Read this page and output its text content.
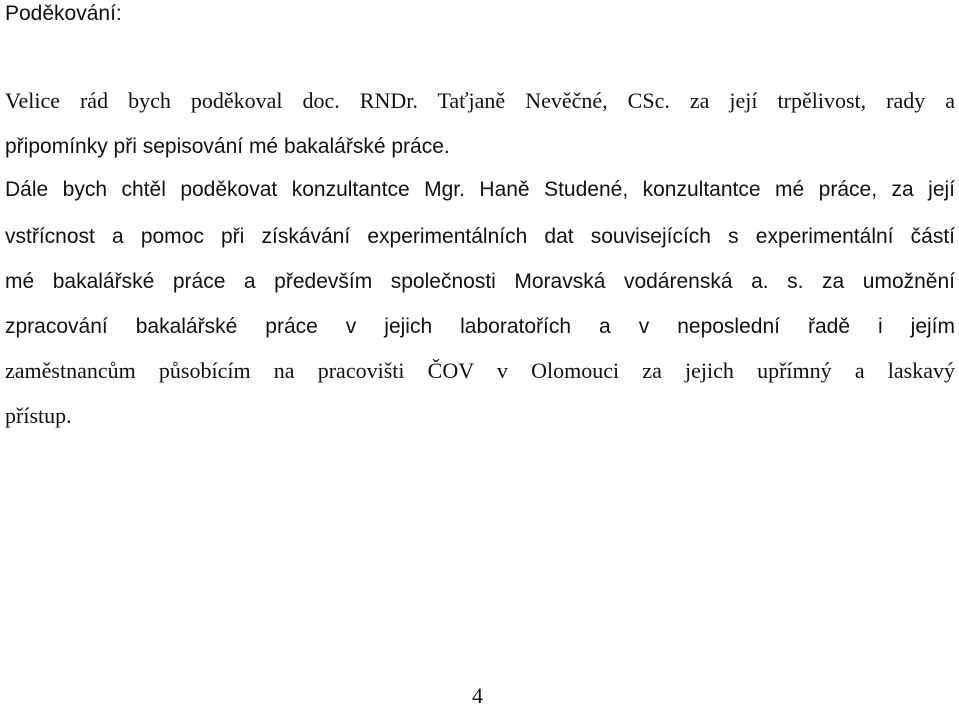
Poděkování:

Velice rád bych poděkoval doc. RNDr. Taťjaně Nevěčné, CSc. za její trpělivost, rady a

připomínky při sepisování mé bakalářské práce.

Dále bych chtěl poděkovat konzultantce Mgr. Haně Studené, konzultantce mé práce, za její

vstřícnost a pomoc při získávání experimentálních dat souvisejících s experimentální částí

mé bakalářské práce a především společnosti Moravská vodárenská a. s. za umožnění

zpracování bakalářské práce v jejich laboratořích a v neposlední řadě i jejím

zaměstnancům působícím na pracovišti ČOV v Olomouci za jejich upřímný a laskavý

přístup.

4
